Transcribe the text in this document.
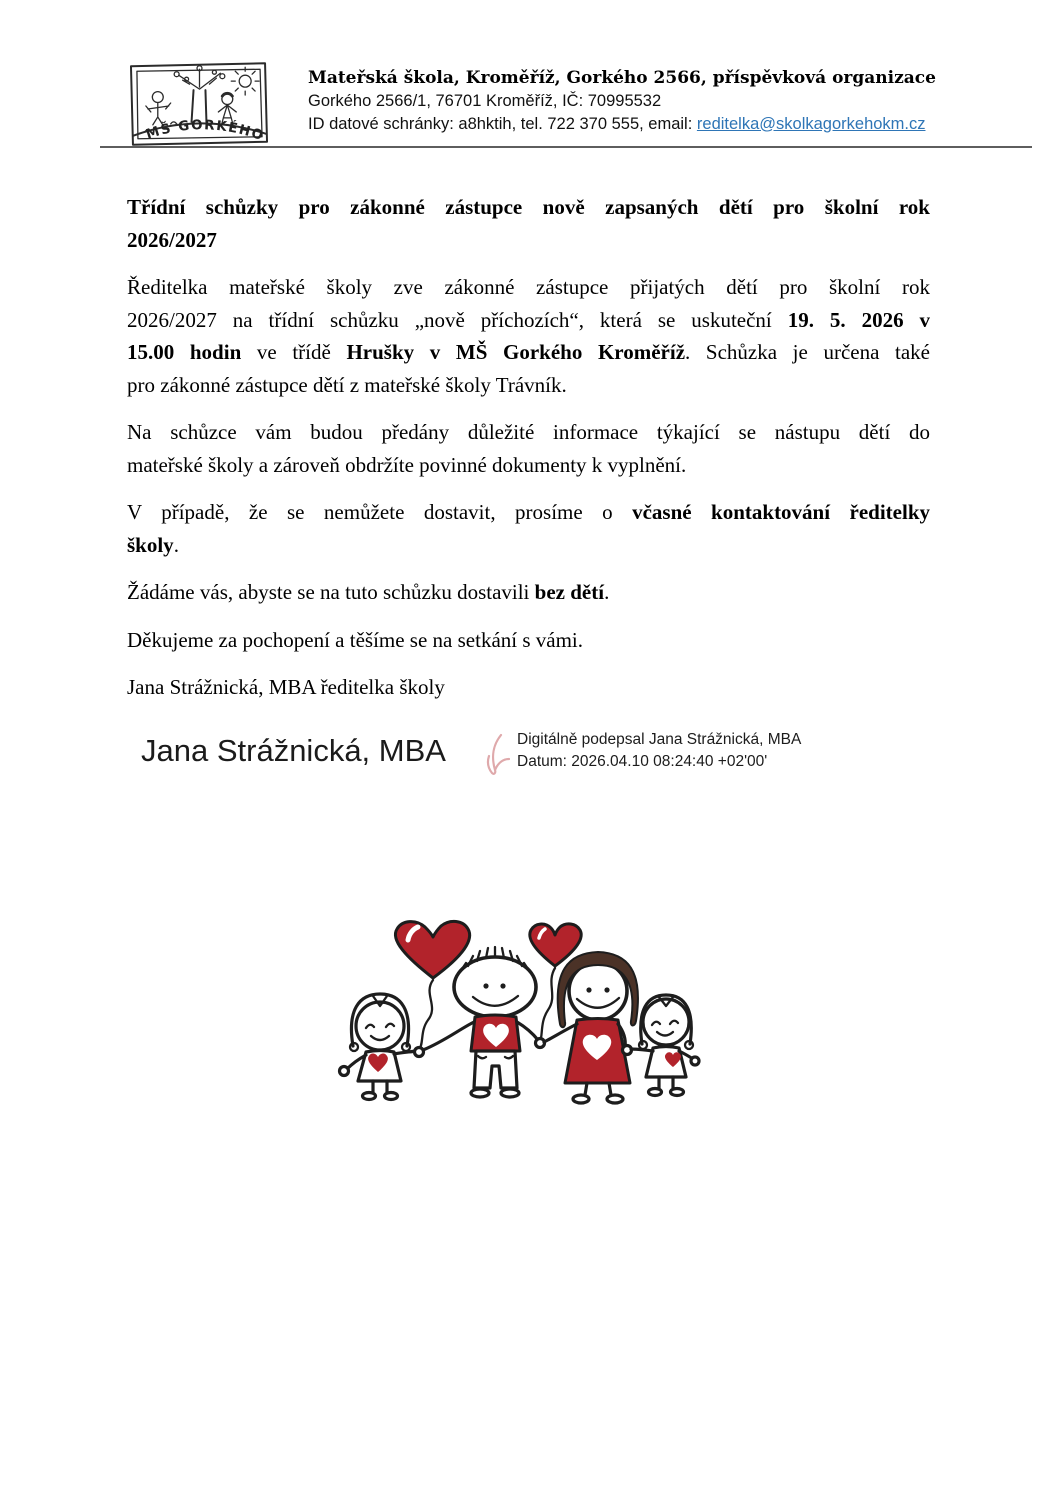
MŠ GORKÉHO
Mateřská škola, Kroměříž, Gorkého 2566, příspěvková organizace
Gorkého 2566/1, 76701 Kroměříž, IČ: 70995532
ID datové schránky: a8hktih, tel. 722 370 555, email: reditelka@skolkagorkehokm.cz
Třídní schůzky pro zákonné zástupce nově zapsaných dětí pro školní rok
2026/2027
Ředitelka mateřské školy zve zákonné zástupce přijatých dětí pro školní rok
2026/2027 na třídní schůzku „nově příchozích“, která se uskuteční 19. 5. 2026 v
15.00 hodin ve třídě Hrušky v MŠ Gorkého Kroměříž. Schůzka je určena také
pro zákonné zástupce dětí z mateřské školy Trávník.
Na schůzce vám budou předány důležité informace týkající se nástupu dětí do
mateřské školy a zároveň obdržíte povinné dokumenty k vyplnění.
V případě, že se nemůžete dostavit, prosíme o včasné kontaktování ředitelky
školy.
Žádáme vás, abyste se na tuto schůzku dostavili bez dětí.
Děkujeme za pochopení a těšíme se na setkání s vámi.
Jana Strážnická, MBA ředitelka školy
Jana Strážnická, MBA	Digitálně podepsal Jana Strážnická, MBA
Datum: 2026.04.10 08:24:40 +02'00'
